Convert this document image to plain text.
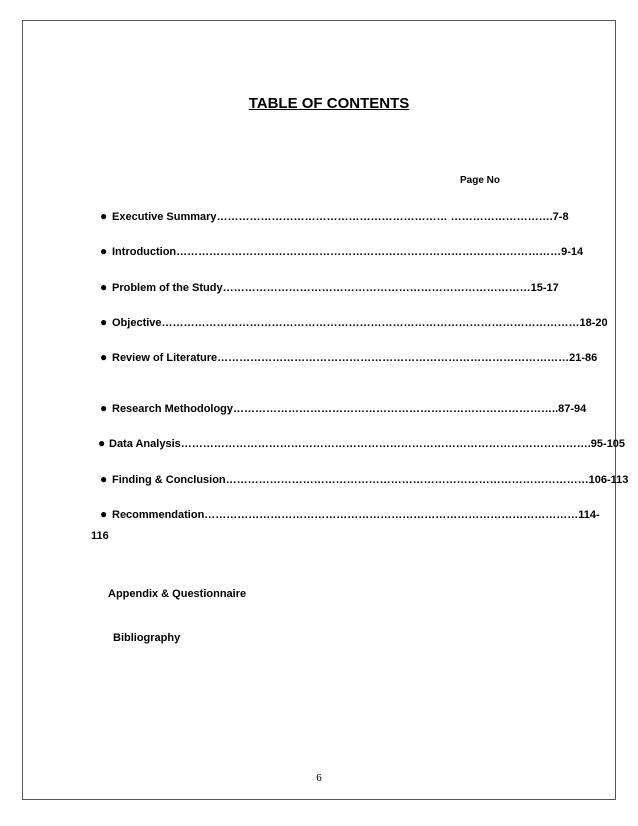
TABLE OF CONTENTS
Page No
● Executive Summary……………………………………………………… ……………………….7-8
● Introduction……………………………………………………………………………………………9-14
● Problem of the Study…………………………………………………………………………15-17
● Objective……………………………………………………………………………………………………18-20
● Review of Literature……………………………………………………………………………………21-86
● Research Methodology……………………………………………………………………………..87-94
● Data Analysis………………………………………………………………………………………………….95-105
● Finding & Conclusion………………………………………………………………………………………106-113
● Recommendation…………………………………………………………………………………………114-
116
Appendix & Questionnaire
Bibliography
6
